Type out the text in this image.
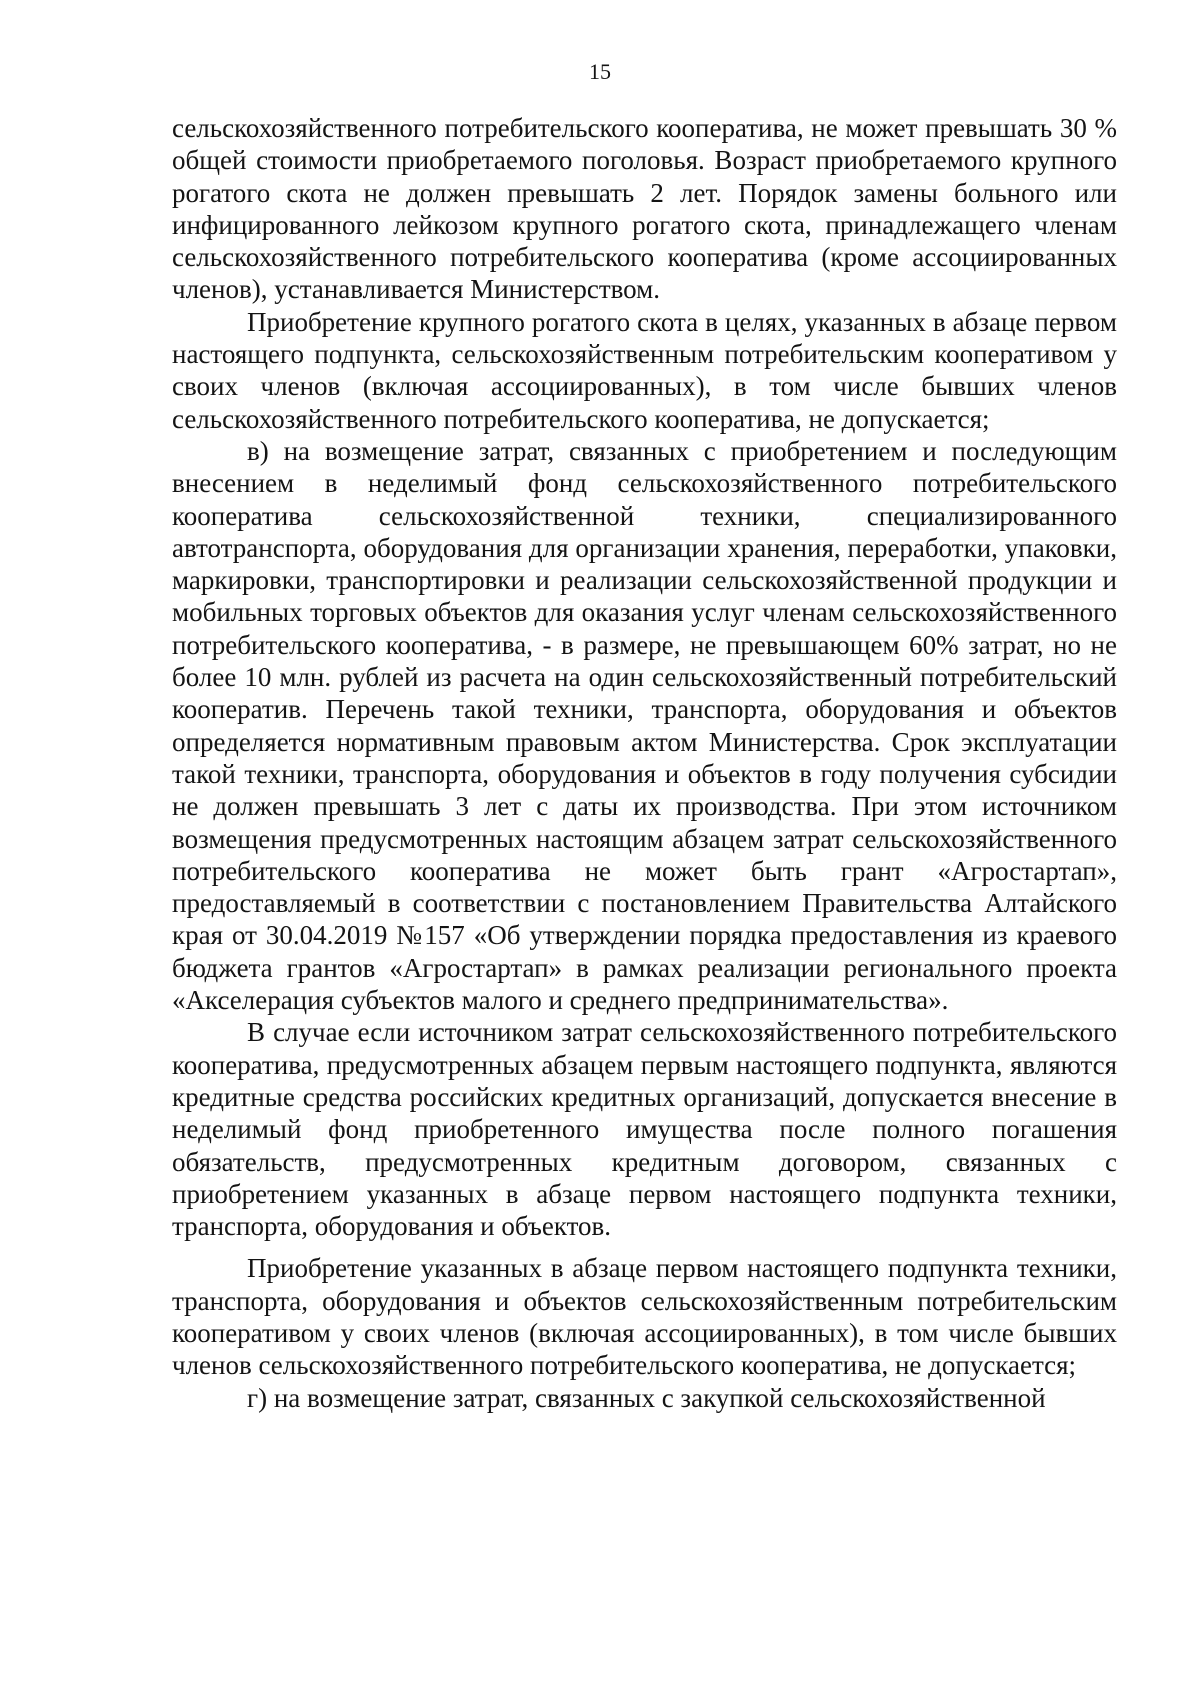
15

сельскохозяйственного потребительского кооператива, не может превышать 30 % общей стоимости приобретаемого поголовья. Возраст приобретаемого крупного рогатого скота не должен превышать 2 лет. Порядок замены больного или инфицированного лейкозом крупного рогатого скота, принадлежащего членам сельскохозяйственного потребительского кооператива (кроме ассоциированных членов), устанавливается Министерством.

Приобретение крупного рогатого скота в целях, указанных в абзаце первом настоящего подпункта, сельскохозяйственным потребительским кооперативом у своих членов (включая ассоциированных), в том числе бывших членов сельскохозяйственного потребительского кооператива, не допускается;

в) на возмещение затрат, связанных с приобретением и последующим внесением в неделимый фонд сельскохозяйственного потребительского кооператива сельскохозяйственной техники, специализированного автотранспорта, оборудования для организации хранения, переработки, упаковки, маркировки, транспортировки и реализации сельскохозяйственной продукции и мобильных торговых объектов для оказания услуг членам сельскохозяйственного потребительского кооператива, - в размере, не превышающем 60% затрат, но не более 10 млн. рублей из расчета на один сельскохозяйственный потребительский кооператив. Перечень такой техники, транспорта, оборудования и объектов определяется нормативным правовым актом Министерства. Срок эксплуатации такой техники, транспорта, оборудования и объектов в году получения субсидии не должен превышать 3 лет с даты их производства. При этом источником возмещения предусмотренных настоящим абзацем затрат сельскохозяйственного потребительского кооператива не может быть грант «Агростартап», предоставляемый в соответствии с постановлением Правительства Алтайского края от 30.04.2019 №157 «Об утверждении порядка предоставления из краевого бюджета грантов «Агростартап» в рамках реализации регионального проекта «Акселерация субъектов малого и среднего предпринимательства».

В случае если источником затрат сельскохозяйственного потребительского кооператива, предусмотренных абзацем первым настоящего подпункта, являются кредитные средства российских кредитных организаций, допускается внесение в неделимый фонд приобретенного имущества после полного погашения обязательств, предусмотренных кредитным договором, связанных с приобретением указанных в абзаце первом настоящего подпункта техники, транспорта, оборудования и объектов.

Приобретение указанных в абзаце первом настоящего подпункта техники, транспорта, оборудования и объектов сельскохозяйственным потребительским кооперативом у своих членов (включая ассоциированных), в том числе бывших членов сельскохозяйственного потребительского кооператива, не допускается;

г) на возмещение затрат, связанных с закупкой сельскохозяйственной
